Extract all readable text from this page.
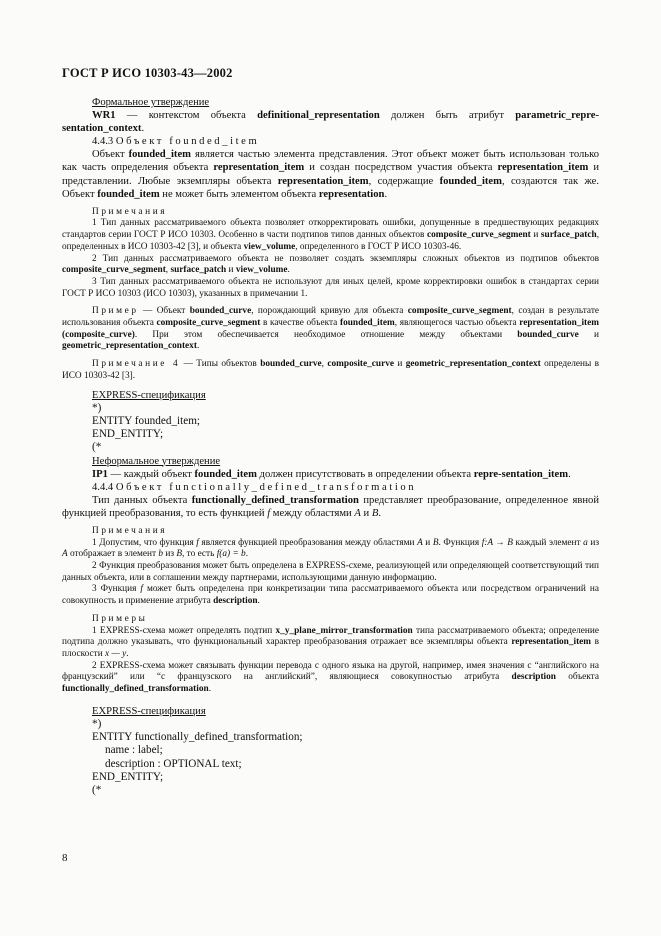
ГОСТ Р ИСО 10303-43—2002

Формальное утверждение

WR1 — контекстом объекта definitional_representation должен быть атрибут parametric_repre-sentation_context.

4.4.3 Объект founded_item

Объект founded_item является частью элемента представления. Этот объект может быть использован только как часть определения объекта representation_item и создан посредством участия объекта representation_item и представлении. Любые экземпляры объекта representation_item, содержащие founded_item, создаются так же. Объект founded_item не может быть элементом объекта representation.

Примечания

1 Тип данных рассматриваемого объекта позволяет откорректировать ошибки, допущенные в предшествующих редакциях стандартов серии ГОСТ Р ИСО 10303. Особенно в части подтипов типов данных объектов composite_curve_segment и surface_patch, определенных в ИСО 10303-42 [3], и объекта view_volume, определенного в ГОСТ Р ИСО 10303-46.

2 Тип данных рассматриваемого объекта не позволяет создать экземпляры сложных объектов из подтипов объектов composite_curve_segment, surface_patch и view_volume.

3 Тип данных рассматриваемого объекта не используют для иных целей, кроме корректировки ошибок в стандартах серии ГОСТ Р ИСО 10303 (ИСО 10303), указанных в примечании 1.

Пример — Объект bounded_curve, порождающий кривую для объекта composite_curve_segment, создан в результате использования объекта composite_curve_segment в качестве объекта founded_item, являющегося частью объекта representation_item (composite_curve). При этом обеспечивается необходимое отношение между объектами bounded_curve и geometric_representation_context.

Примечание 4 — Типы объектов bounded_curve, composite_curve и geometric_representation_context определены в ИСО 10303-42 [3].

EXPRESS-спецификация

*)

ENTITY founded_item;

END_ENTITY;

(*

Неформальное утверждение

IP1 — каждый объект founded_item должен присутствовать в определении объекта repre-sentation_item.

4.4.4 Объект functionally_defined_transformation

Тип данных объекта functionally_defined_transformation представляет преобразование, определенное явной функцией преобразования, то есть функцией f между областями A и B.

Примечания

1 Допустим, что функция f является функцией преобразования между областями A и B. Функция f:A → B каждый элемент a из A отображает в элемент b из B, то есть f(a) = b.

2 Функция преобразования может быть определена в EXPRESS-схеме, реализующей или определяющей соответствующий тип данных объекта, или в соглашении между партнерами, использующими данную информацию.

3 Функция f может быть определена при конкретизации типа рассматриваемого объекта или посредством ограничений на совокупность и применение атрибута description.

Примеры

1 EXPRESS-схема может определять подтип x_y_plane_mirror_transformation типа рассматриваемого объекта; определение подтипа должно указывать, что функциональный характер преобразования отражает все экземпляры объекта representation_item в плоскости x — y.

2 EXPRESS-схема может связывать функции перевода с одного языка на другой, например, имея значения с “английского на французский” или “с французского на английский”, являющиеся совокупностью атрибута description объекта functionally_defined_transformation.

EXPRESS-спецификация

*)

ENTITY functionally_defined_transformation;

name : label;

description : OPTIONAL text;

END_ENTITY;

(*

8
